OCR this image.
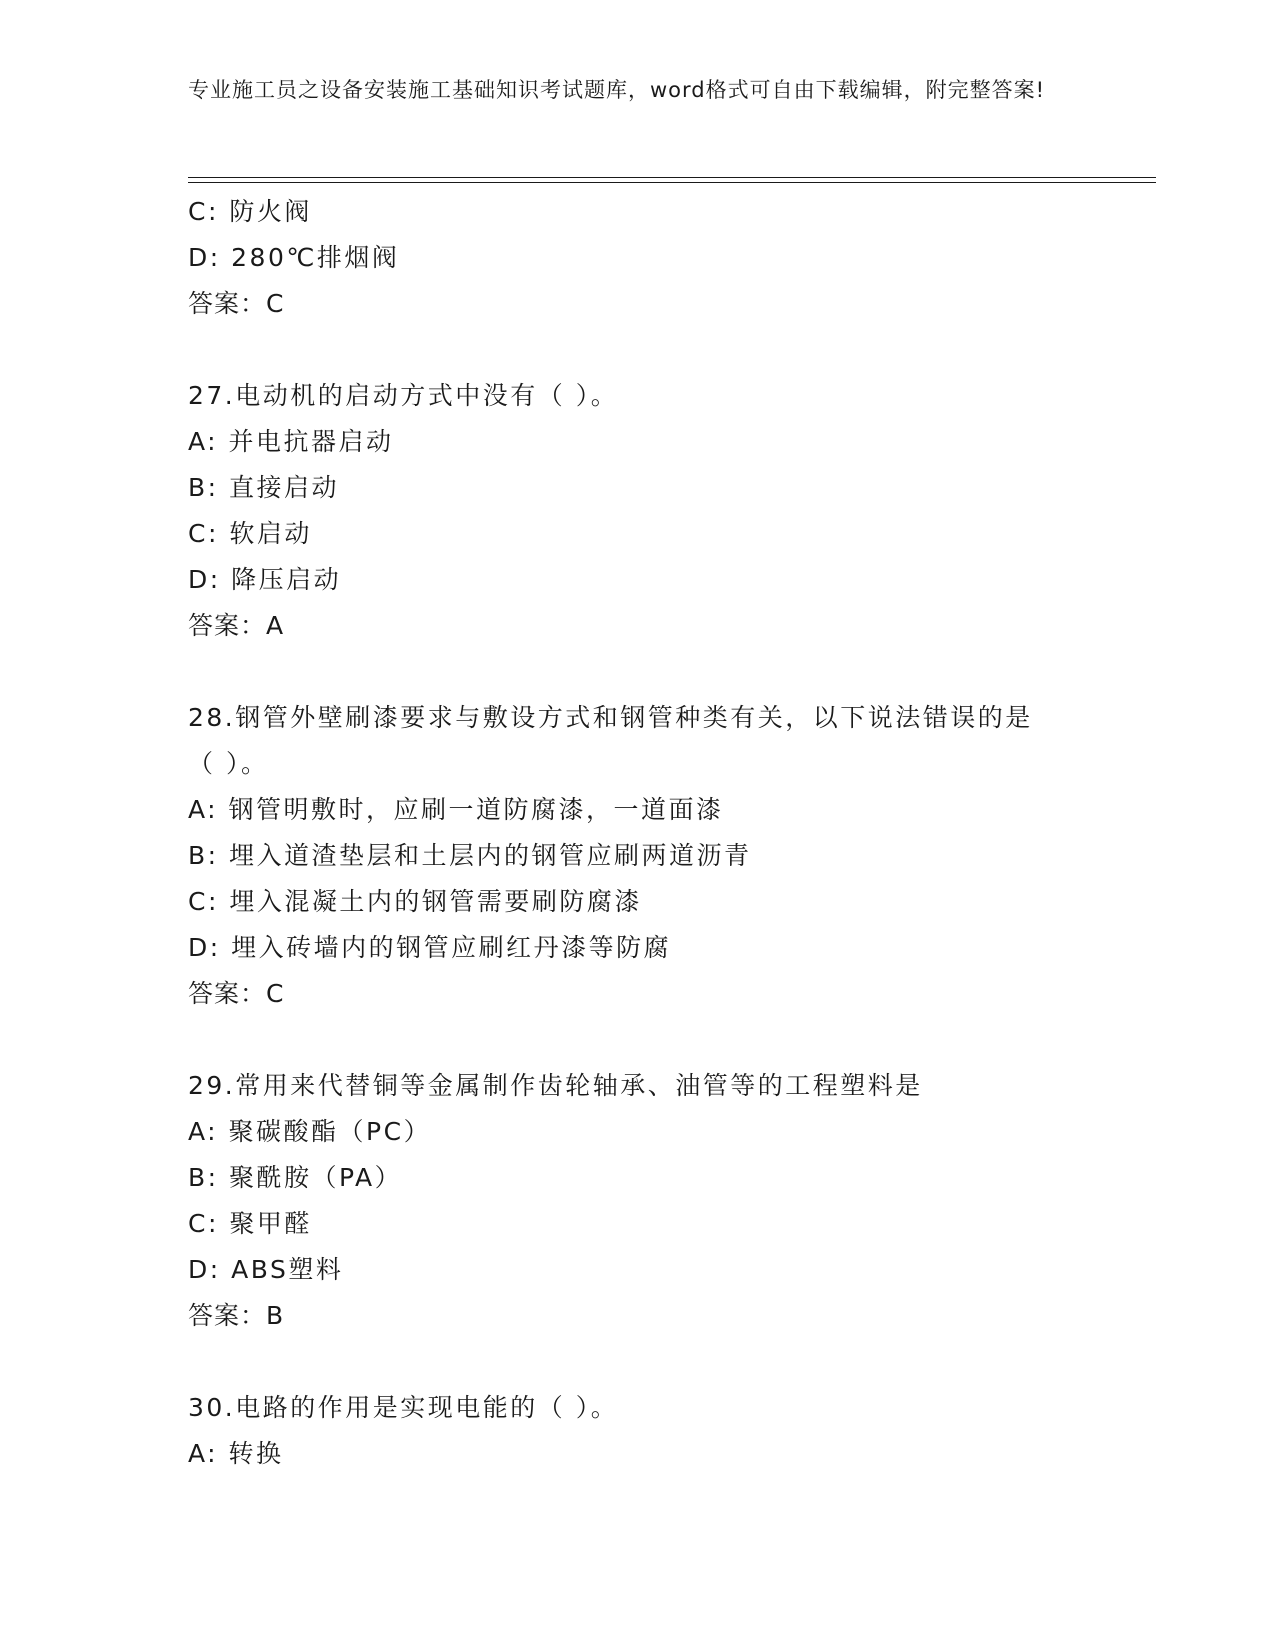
专业施工员之设备安装施工基础知识考试题库，word格式可自由下载编辑，附完整答案!

C: 防火阀
D: 280℃排烟阀
答案：C
27.电动机的启动方式中没有（ ）。
A: 并电抗器启动
B: 直接启动
C: 软启动
D: 降压启动
答案：A
28.钢管外壁刷漆要求与敷设方式和钢管种类有关，以下说法错误的是（ ）。
A: 钢管明敷时，应刷一道防腐漆，一道面漆
B: 埋入道渣垫层和土层内的钢管应刷两道沥青
C: 埋入混凝土内的钢管需要刷防腐漆
D: 埋入砖墙内的钢管应刷红丹漆等防腐
答案：C
29.常用来代替铜等金属制作齿轮轴承、油管等的工程塑料是
A: 聚碳酸酯（PC）
B: 聚酰胺（PA）
C: 聚甲醛
D: ABS塑料
答案：B
30.电路的作用是实现电能的（ ）。
A: 转换
